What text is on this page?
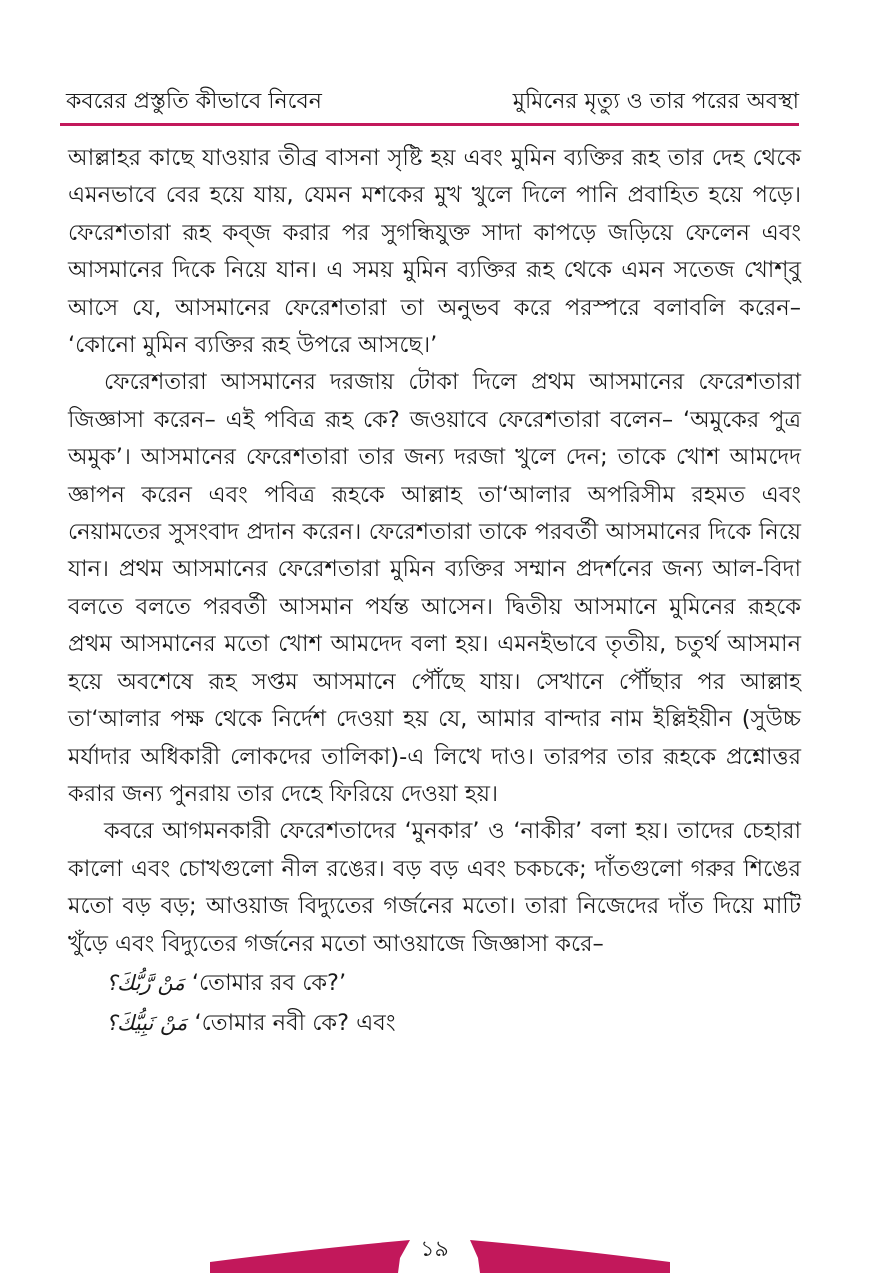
কবরের প্রস্তুতি কীভাবে নিবেন	মুমিনের মৃত্যু ও তার পরের অবস্থা

আল্লাহর কাছে যাওয়ার তীব্র বাসনা সৃষ্টি হয় এবং মুমিন ব্যক্তির রূহ তার দেহ থেকে এমনভাবে বের হয়ে যায়, যেমন মশকের মুখ খুলে দিলে পানি প্রবাহিত হয়ে পড়ে। ফেরেশতারা রূহ কব্‌জ করার পর সুগন্ধিযুক্ত সাদা কাপড়ে জড়িয়ে ফেলেন এবং আসমানের দিকে নিয়ে যান। এ সময় মুমিন ব্যক্তির রূহ থেকে এমন সতেজ খোশ্‌বু আসে যে, আসমানের ফেরেশতারা তা অনুভব করে পরস্পরে বলাবলি করেন– ‘কোনো মুমিন ব্যক্তির রূহ উপরে আসছে।’

ফেরেশতারা আসমানের দরজায় টোকা দিলে প্রথম আসমানের ফেরেশতারা জিজ্ঞাসা করেন– এই পবিত্র রূহ কে? জওয়াবে ফেরেশতারা বলেন– ‘অমুকের পুত্র অমুক’। আসমানের ফেরেশতারা তার জন্য দরজা খুলে দেন; তাকে খোশ আমদেদ জ্ঞাপন করেন এবং পবিত্র রূহকে আল্লাহ তা‘আলার অপরিসীম রহমত এবং নেয়ামতের সুসংবাদ প্রদান করেন। ফেরেশতারা তাকে পরবর্তী আসমানের দিকে নিয়ে যান। প্রথম আসমানের ফেরেশতারা মুমিন ব্যক্তির সম্মান প্রদর্শনের জন্য আল-বিদা বলতে বলতে পরবর্তী আসমান পর্যন্ত আসেন। দ্বিতীয় আসমানে মুমিনের রূহকে প্রথম আসমানের মতো খোশ আমদেদ বলা হয়। এমনইভাবে তৃতীয়, চতুর্থ আসমান হয়ে অবশেষে রূহ সপ্তম আসমানে পৌঁছে যায়। সেখানে পৌঁছার পর আল্লাহ তা‘আলার পক্ষ থেকে নির্দেশ দেওয়া হয় যে, আমার বান্দার নাম ইল্লিইয়ীন (সুউচ্চ মর্যাদার অধিকারী লোকদের তালিকা)-এ লিখে দাও। তারপর তার রূহকে প্রশ্নোত্তর করার জন্য পুনরায় তার দেহে ফিরিয়ে দেওয়া হয়।

কবরে আগমনকারী ফেরেশতাদের ‘মুনকার’ ও ‘নাকীর’ বলা হয়। তাদের চেহারা কালো এবং চোখগুলো নীল রঙের। বড় বড় এবং চকচকে; দাঁতগুলো গরুর শিঙের মতো বড় বড়; আওয়াজ বিদ্যুতের গর্জনের মতো। তারা নিজেদের দাঁত দিয়ে মাটি খুঁড়ে এবং বিদ্যুতের গর্জনের মতো আওয়াজে জিজ্ঞাসা করে–

مَنْ رَّبُّكَ؟ ‘তোমার রব কে?’

مَنْ نَبِيُّكَ؟ ‘তোমার নবী কে? এবং

১৯
